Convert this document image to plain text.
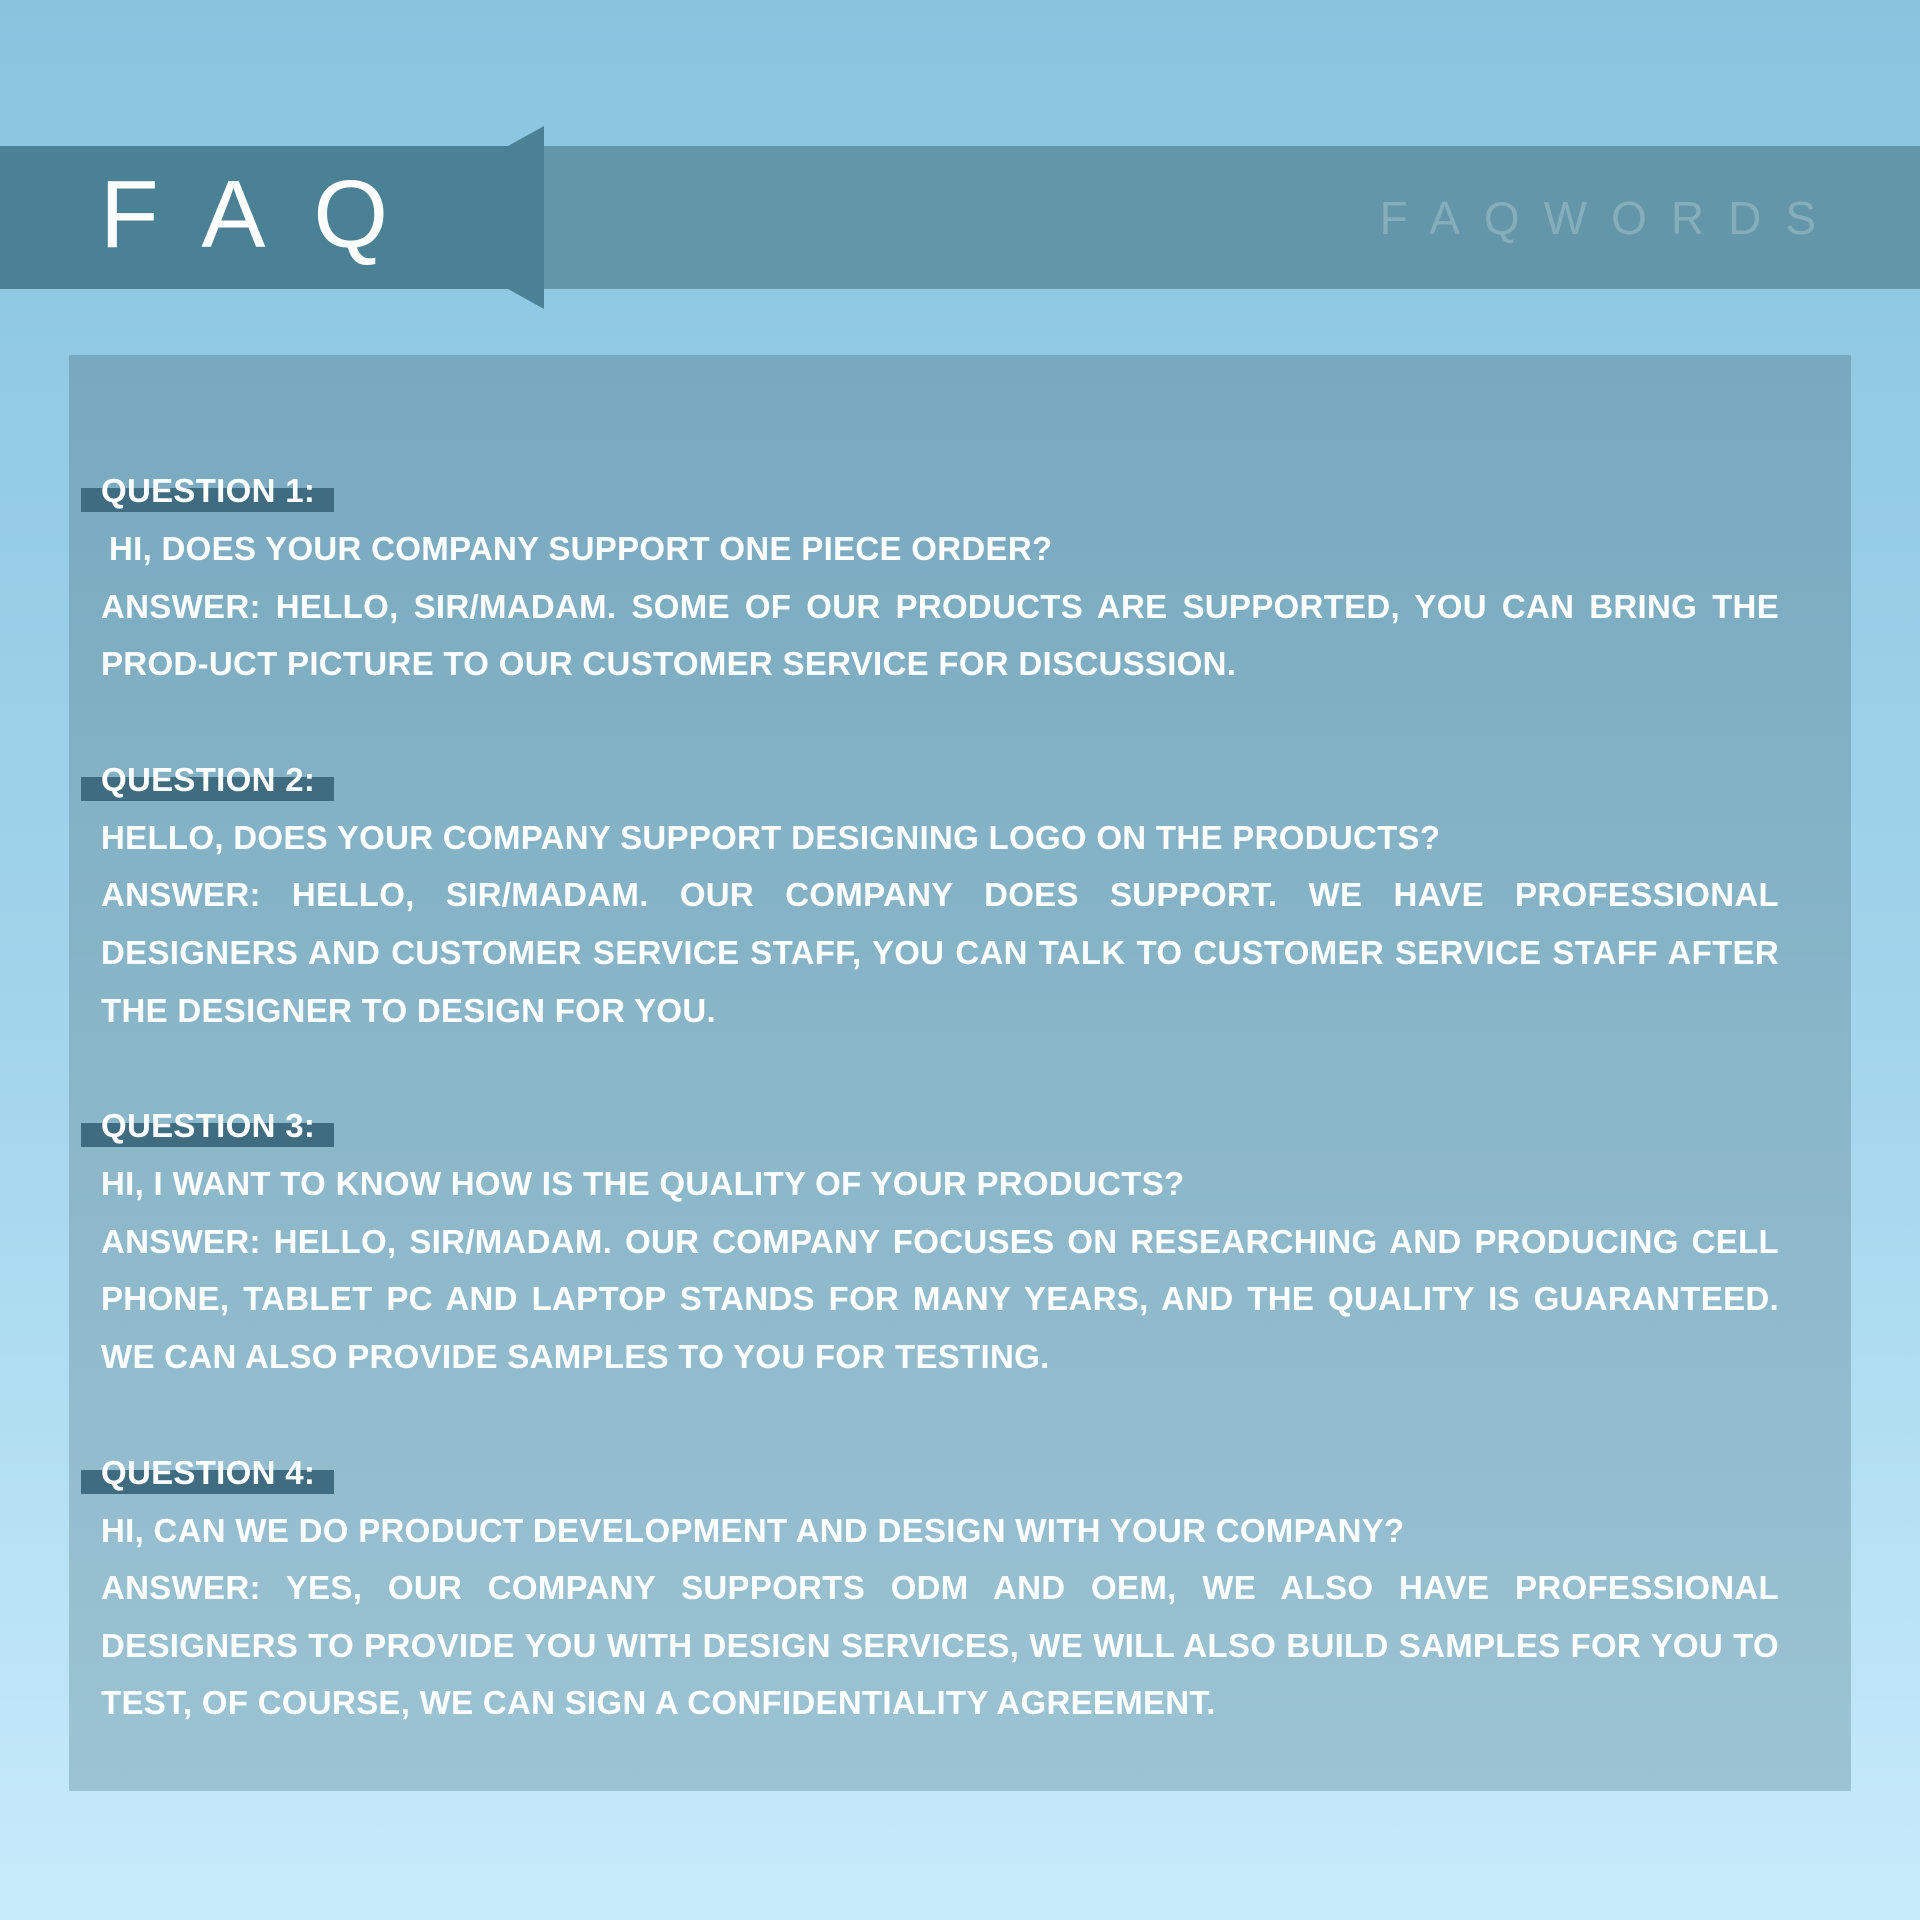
FAQ	FAQWORDS
QUESTION 1:
HI, DOES YOUR COMPANY SUPPORT ONE PIECE ORDER?
ANSWER: HELLO, SIR/MADAM. SOME OF OUR PRODUCTS ARE SUPPORTED, YOU CAN BRING THE PROD-UCT PICTURE TO OUR CUSTOMER SERVICE FOR DISCUSSION.
QUESTION 2:
HELLO, DOES YOUR COMPANY SUPPORT DESIGNING LOGO ON THE PRODUCTS?
ANSWER: HELLO, SIR/MADAM. OUR COMPANY DOES SUPPORT. WE HAVE PROFESSIONAL DESIGNERS AND CUSTOMER SERVICE STAFF, YOU CAN TALK TO CUSTOMER SERVICE STAFF AFTER THE DESIGNER TO DESIGN FOR YOU.
QUESTION 3:
HI, I WANT TO KNOW HOW IS THE QUALITY OF YOUR PRODUCTS?
ANSWER: HELLO, SIR/MADAM. OUR COMPANY FOCUSES ON RESEARCHING AND PRODUCING CELL PHONE, TABLET PC AND LAPTOP STANDS FOR MANY YEARS, AND THE QUALITY IS GUARANTEED. WE CAN ALSO PROVIDE SAMPLES TO YOU FOR TESTING.
QUESTION 4:
HI, CAN WE DO PRODUCT DEVELOPMENT AND DESIGN WITH YOUR COMPANY?
ANSWER: YES, OUR COMPANY SUPPORTS ODM AND OEM, WE ALSO HAVE PROFESSIONAL DESIGNERS TO PROVIDE YOU WITH DESIGN SERVICES, WE WILL ALSO BUILD SAMPLES FOR YOU TO TEST, OF COURSE, WE CAN SIGN A CONFIDENTIALITY AGREEMENT.
